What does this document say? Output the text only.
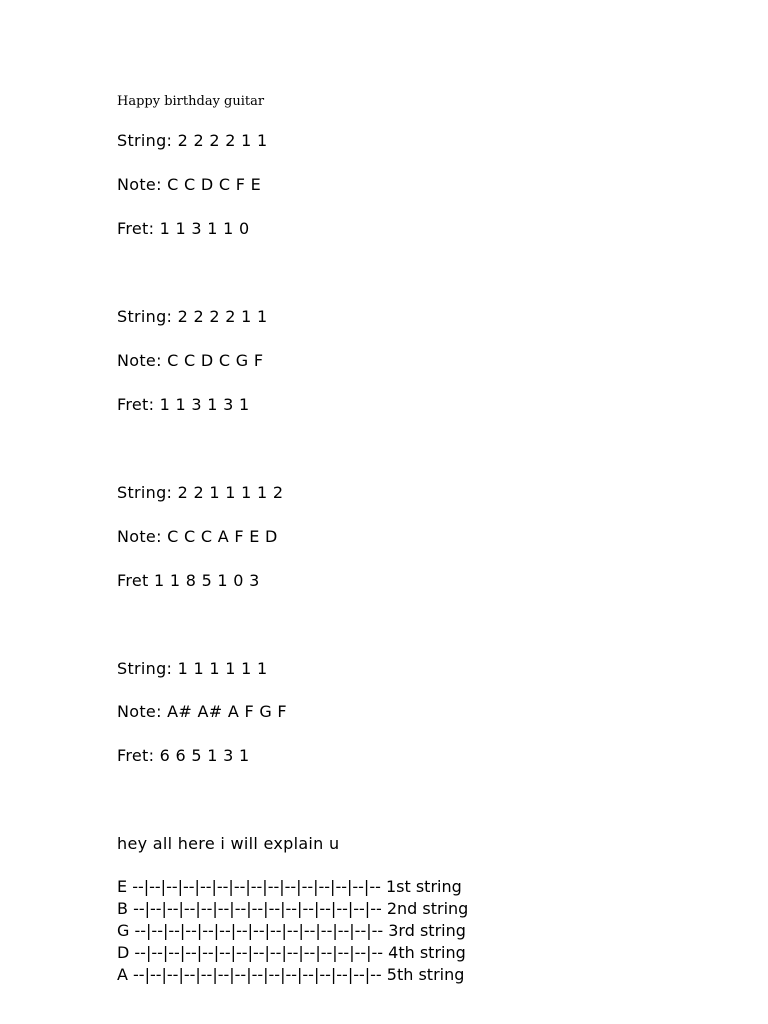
Happy birthday guitar
String: 2 2 2 2 1 1
Note: C C D C F E
Fret: 1 1 3 1 1 0
String: 2 2 2 2 1 1
Note: C C D C G F
Fret: 1 1 3 1 3 1
String: 2 2 1 1 1 1 2
Note: C C C A F E D
Fret 1 1 8 5 1 0 3
String: 1 1 1 1 1 1
Note: A# A# A F G F
Fret: 6 6 5 1 3 1
hey all here i will explain u
E --|--|--|--|--|--|--|--|--|--|--|--|--|--|-- 1st string
B --|--|--|--|--|--|--|--|--|--|--|--|--|--|-- 2nd string
G --|--|--|--|--|--|--|--|--|--|--|--|--|--|-- 3rd string
D --|--|--|--|--|--|--|--|--|--|--|--|--|--|-- 4th string
A --|--|--|--|--|--|--|--|--|--|--|--|--|--|-- 5th string
